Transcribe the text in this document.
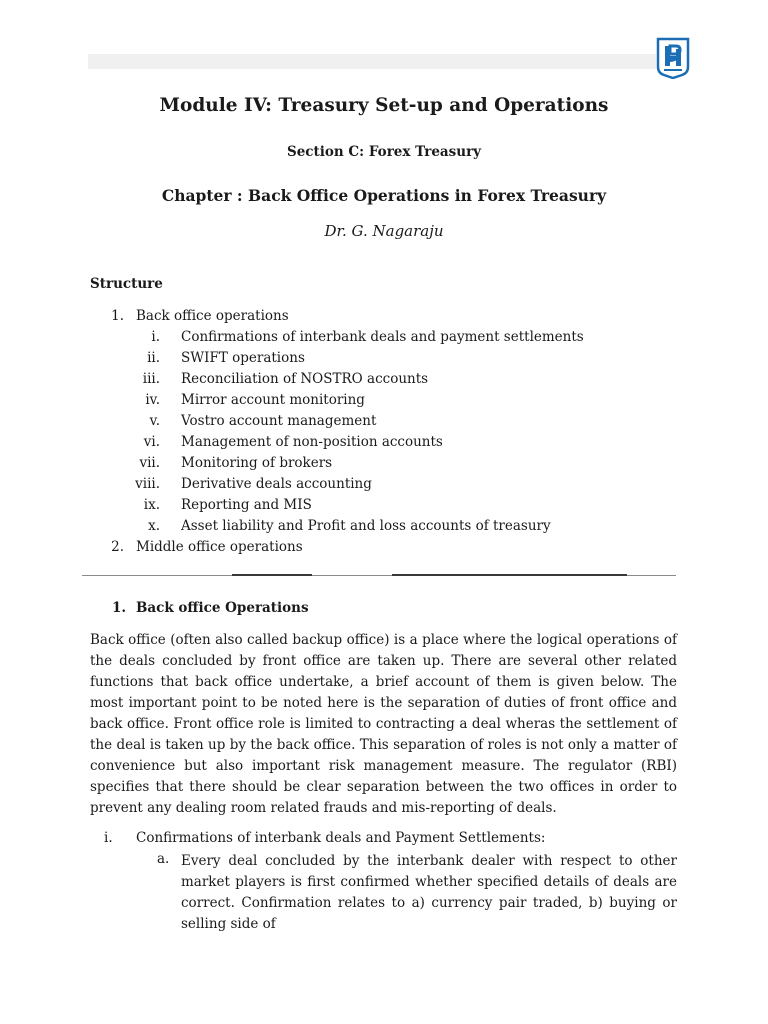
Module IV: Treasury Set-up and Operations
Section C: Forex Treasury
Chapter : Back Office Operations in Forex Treasury
Dr. G. Nagaraju
Structure
1. Back office operations
i. Confirmations of interbank deals and payment settlements
ii. SWIFT operations
iii. Reconciliation of NOSTRO accounts
iv. Mirror account monitoring
v. Vostro account management
vi. Management of non-position accounts
vii. Monitoring of brokers
viii. Derivative deals accounting
ix. Reporting and MIS
x. Asset liability and Profit and loss accounts of treasury
2. Middle office operations
1. Back office Operations

Back office (often also called backup office) is a place where the logical operations of the deals concluded by front office are taken up. There are several other related functions that back office undertake, a brief account of them is given below. The most important point to be noted here is the separation of duties of front office and back office. Front office role is limited to contracting a deal wheras the settlement of the deal is taken up by the back office. This separation of roles is not only a matter of convenience but also important risk management measure. The regulator (RBI) specifies that there should be clear separation between the two offices in order to prevent any dealing room related frauds and mis-reporting of deals.

i. Confirmations of interbank deals and Payment Settlements:
a. Every deal concluded by the interbank dealer with respect to other market players is first confirmed whether specified details of deals are correct. Confirmation relates to a) currency pair traded, b) buying or selling side of
